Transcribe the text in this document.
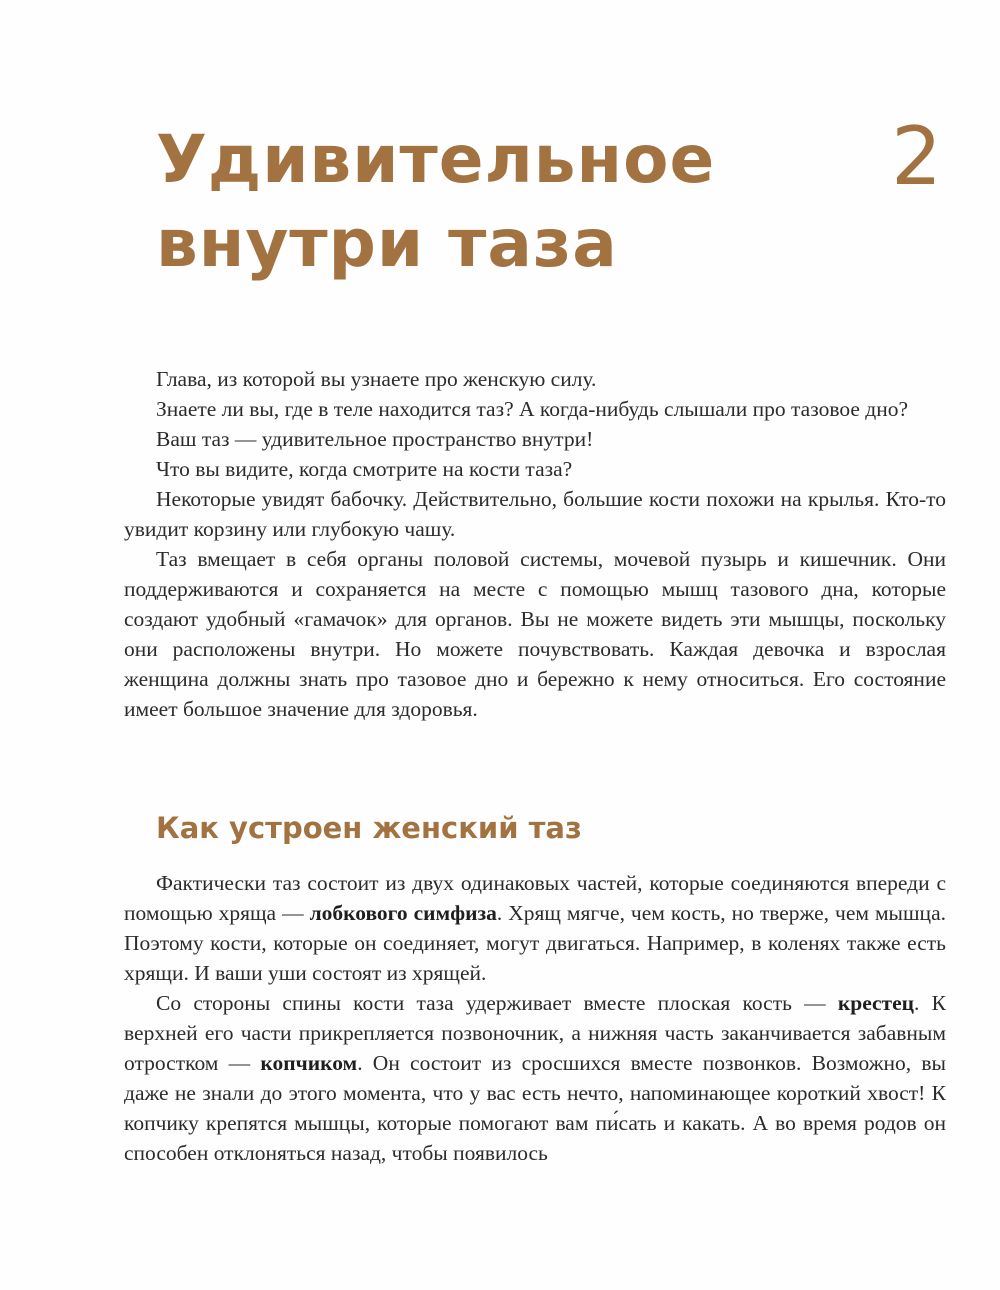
Удивительное
внутри таза
2

Глава, из которой вы узнаете про женскую силу.

Знаете ли вы, где в теле находится таз? А когда-нибудь слышали про тазовое дно?

Ваш таз — удивительное пространство внутри!

Что вы видите, когда смотрите на кости таза?

Некоторые увидят бабочку. Действительно, большие кости похожи на крылья. Кто-то увидит корзину или глубокую чашу.

Таз вмещает в себя органы половой системы, мочевой пузырь и кишечник. Они поддерживаются и сохраняется на месте с помощью мышц тазового дна, которые создают удобный «гамачок» для органов. Вы не можете видеть эти мышцы, поскольку они расположены внутри. Но можете почувствовать. Каждая девочка и взрослая женщина должны знать про тазовое дно и бережно к нему относиться. Его состояние имеет большое значение для здоровья.

Как устроен женский таз

Фактически таз состоит из двух одинаковых частей, которые соединяются впереди с помощью хряща — лобкового симфиза. Хрящ мягче, чем кость, но тверже, чем мышца. Поэтому кости, которые он соединяет, могут двигаться. Например, в коленях также есть хрящи. И ваши уши состоят из хрящей.

Со стороны спины кости таза удерживает вместе плоская кость — крестец. К верхней его части прикрепляется позвоночник, а нижняя часть заканчивается забавным отростком — копчиком. Он состоит из сросшихся вместе позвонков. Возможно, вы даже не знали до этого момента, что у вас есть нечто, напоминающее короткий хвост! К копчику крепятся мышцы, которые помогают вам пи́сать и какать. А во время родов он способен отклоняться назад, чтобы появилось
